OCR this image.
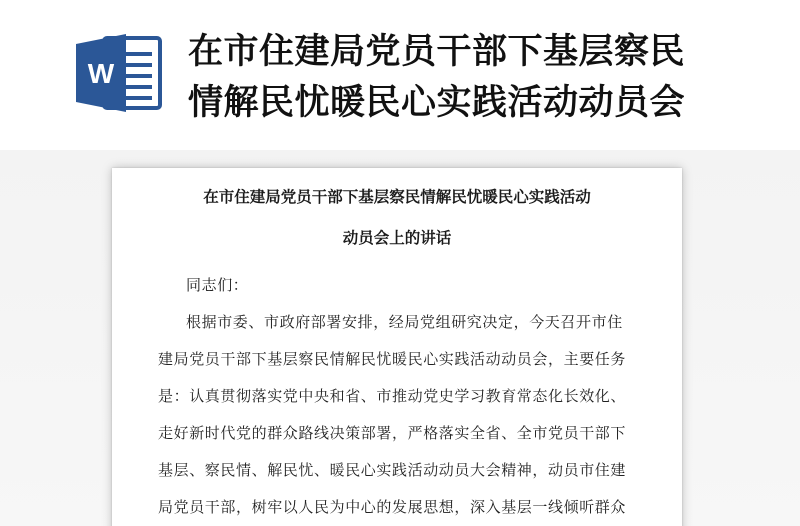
W
在市住建局党员干部下基层察民
情解民忧暖民心实践活动动员会
在市住建局党员干部下基层察民情解民忧暖民心实践活动
动员会上的讲话
同志们：
根据市委、市政府部署安排，经局党组研究决定，今天召开市住
建局党员干部下基层察民情解民忧暖民心实践活动动员会，主要任务
是：认真贯彻落实党中央和省、市推动党史学习教育常态化长效化、
走好新时代党的群众路线决策部署，严格落实全省、全市党员干部下
基层、察民情、解民忧、暖民心实践活动动员大会精神，动员市住建
局党员干部，树牢以人民为中心的发展思想，深入基层一线倾听群众
